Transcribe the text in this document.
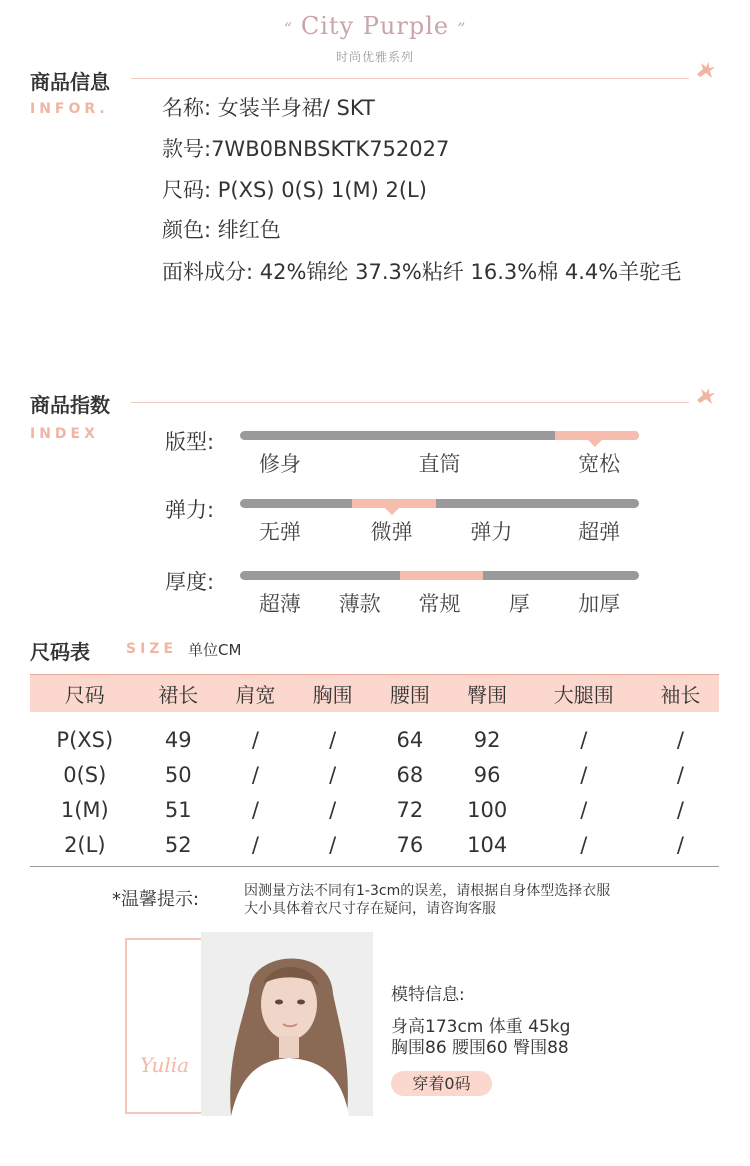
“ City Purple ”
时尚优雅系列
商品信息
INFOR.	名称: 女装半身裙/ SKT
款号:7WB0BNBSKTK752027
尺码: P(XS) 0(S) 1(M) 2(L)
颜色: 绯红色
面料成分: 42%锦纶 37.3%粘纤 16.3%棉 4.4%羊驼毛
商品指数
INDEX	版型:
修身	直筒	宽松
弹力:
无弹	微弹	弹力	超弹
厚度:
超薄 薄款 常规 厚 加厚
尺码表	SIZE 单位CM
尺码	裙长	肩宽	胸围	腰围	臀围	大腿围	袖长
P(XS)	49	/	/	64	92	/	/
0(S)	50	/	/	68	96	/	/
1(M)	51	/	/	72	100	/	/
2(L)	52	/	/	76	104	/	/
*温馨提示:	因测量方法不同有1-3cm的误差，请根据自身体型选择衣服
大小具体着衣尺寸存在疑问，请咨询客服
Yulia
模特信息:
身高173cm 体重 45kg
胸围86 腰围60 臀围88
穿着0码
